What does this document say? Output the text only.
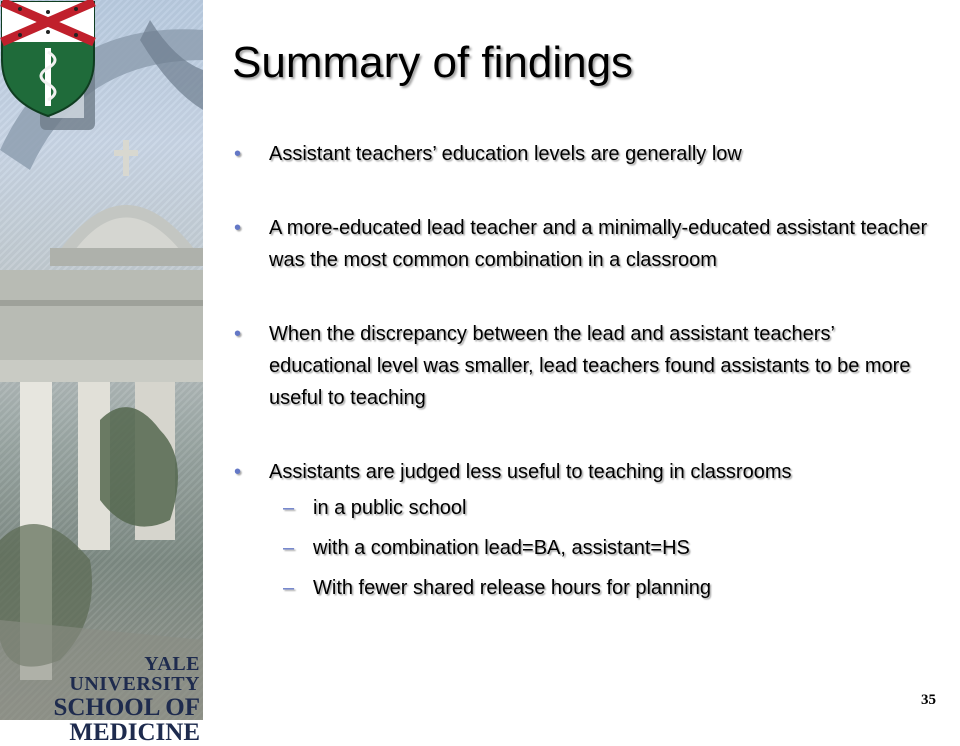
YALE UNIVERSITY
SCHOOL OF
MEDICINE
Summary of findings
• Assistant teachers’ education levels are generally low
• A more-educated lead teacher and a minimally-educated assistant teacher was the most common combination in a classroom
• When the discrepancy between the lead and assistant teachers’ educational level was smaller, lead teachers found assistants to be more useful to teaching
• Assistants are judged less useful to teaching in classrooms
– in a public school
– with a combination lead=BA, assistant=HS
– With fewer shared release hours for planning
35
